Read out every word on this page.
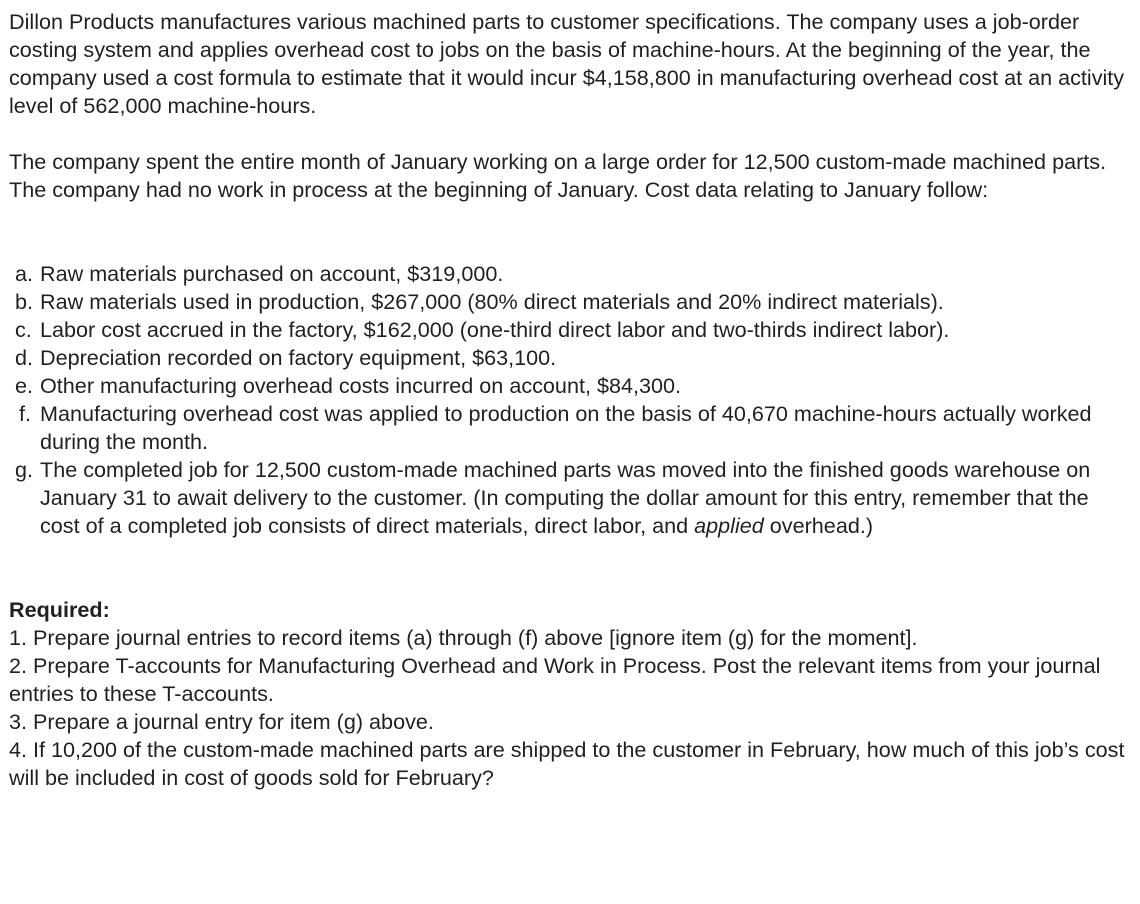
Dillon Products manufactures various machined parts to customer specifications. The company uses a job-order costing system and applies overhead cost to jobs on the basis of machine-hours. At the beginning of the year, the company used a cost formula to estimate that it would incur $4,158,800 in manufacturing overhead cost at an activity level of 562,000 machine-hours.

The company spent the entire month of January working on a large order for 12,500 custom-made machined parts. The company had no work in process at the beginning of January. Cost data relating to January follow:

a. Raw materials purchased on account, $319,000.
b. Raw materials used in production, $267,000 (80% direct materials and 20% indirect materials).
c. Labor cost accrued in the factory, $162,000 (one-third direct labor and two-thirds indirect labor).
d. Depreciation recorded on factory equipment, $63,100.
e. Other manufacturing overhead costs incurred on account, $84,300.
f. Manufacturing overhead cost was applied to production on the basis of 40,670 machine-hours actually worked during the month.
g. The completed job for 12,500 custom-made machined parts was moved into the finished goods warehouse on January 31 to await delivery to the customer. (In computing the dollar amount for this entry, remember that the cost of a completed job consists of direct materials, direct labor, and applied overhead.)

Required:

1. Prepare journal entries to record items (a) through (f) above [ignore item (g) for the moment].

2. Prepare T-accounts for Manufacturing Overhead and Work in Process. Post the relevant items from your journal entries to these T-accounts.

3. Prepare a journal entry for item (g) above.

4. If 10,200 of the custom-made machined parts are shipped to the customer in February, how much of this job’s cost will be included in cost of goods sold for February?
